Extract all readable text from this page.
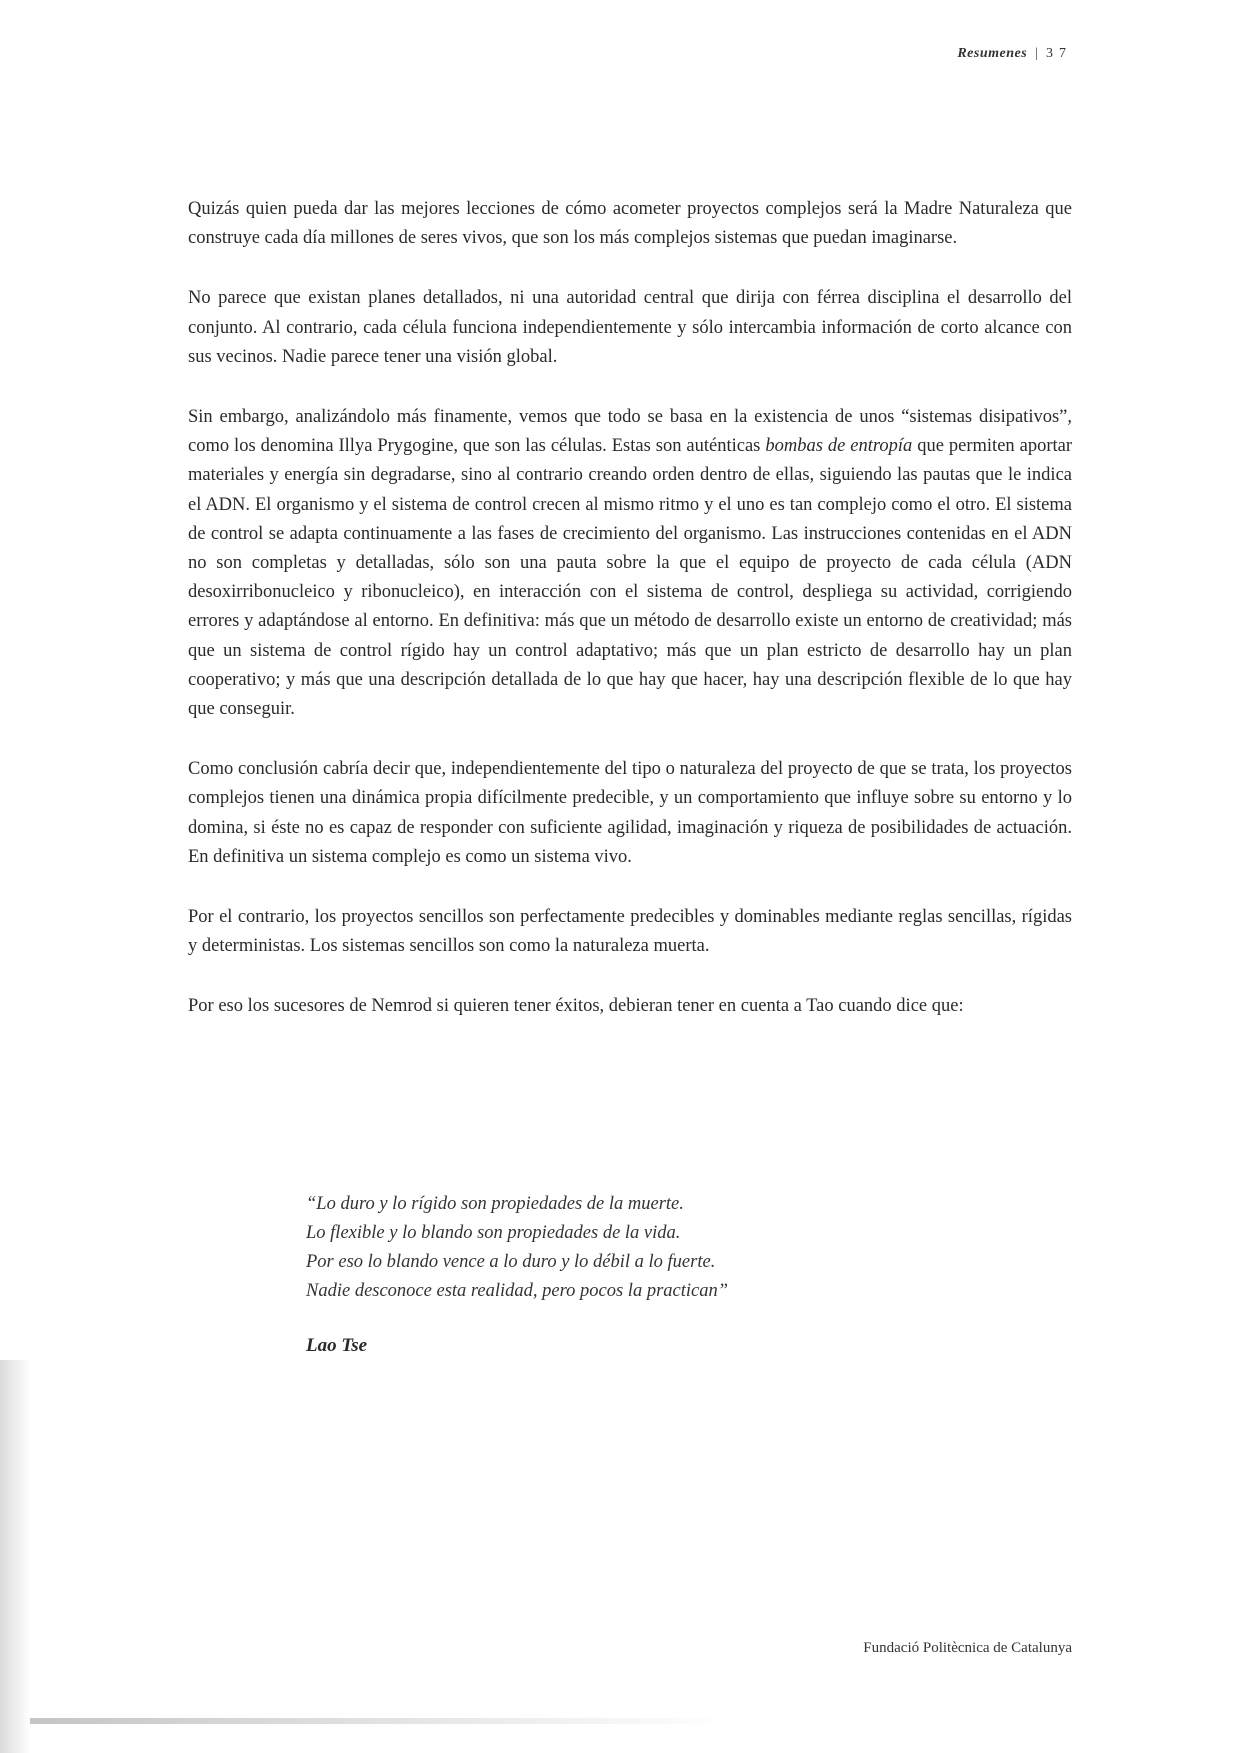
Resumenes | 37

Quizás quien pueda dar las mejores lecciones de cómo acometer proyectos complejos será la Madre Naturaleza que construye cada día millones de seres vivos, que son los más complejos sistemas que puedan imaginarse.

No parece que existan planes detallados, ni una autoridad central que dirija con férrea disciplina el desarrollo del conjunto. Al contrario, cada célula funciona independientemente y sólo intercambia información de corto alcance con sus vecinos. Nadie parece tener una visión global.

Sin embargo, analizándolo más finamente, vemos que todo se basa en la existencia de unos “sistemas disipativos”, como los denomina Illya Prygogine, que son las células. Estas son auténticas bombas de entropía que permiten aportar materiales y energía sin degradarse, sino al contrario creando orden dentro de ellas, siguiendo las pautas que le indica el ADN. El organismo y el sistema de control crecen al mismo ritmo y el uno es tan complejo como el otro. El sistema de control se adapta continuamente a las fases de crecimiento del organismo. Las instrucciones contenidas en el ADN no son completas y detalladas, sólo son una pauta sobre la que el equipo de proyecto de cada célula (ADN desoxirribonucleico y ribonucleico), en interacción con el sistema de control, despliega su actividad, corrigiendo errores y adaptándose al entorno. En definitiva: más que un método de desarrollo existe un entorno de creatividad; más que un sistema de control rígido hay un control adaptativo; más que un plan estricto de desarrollo hay un plan cooperativo; y más que una descripción detallada de lo que hay que hacer, hay una descripción flexible de lo que hay que conseguir.

Como conclusión cabría decir que, independientemente del tipo o naturaleza del proyecto de que se trata, los proyectos complejos tienen una dinámica propia difícilmente predecible, y un comportamiento que influye sobre su entorno y lo domina, si éste no es capaz de responder con suficiente agilidad, imaginación y riqueza de posibilidades de actuación. En definitiva un sistema complejo es como un sistema vivo.

Por el contrario, los proyectos sencillos son perfectamente predecibles y dominables mediante reglas sencillas, rígidas y deterministas. Los sistemas sencillos son como la naturaleza muerta.

Por eso los sucesores de Nemrod si quieren tener éxitos, debieran tener en cuenta a Tao cuando dice que:

“Lo duro y lo rígido son propiedades de la muerte.
Lo flexible y lo blando son propiedades de la vida.
Por eso lo blando vence a lo duro y lo débil a lo fuerte.
Nadie desconoce esta realidad, pero pocos la practican”
Lao Tse
Fundació Politècnica de Catalunya
